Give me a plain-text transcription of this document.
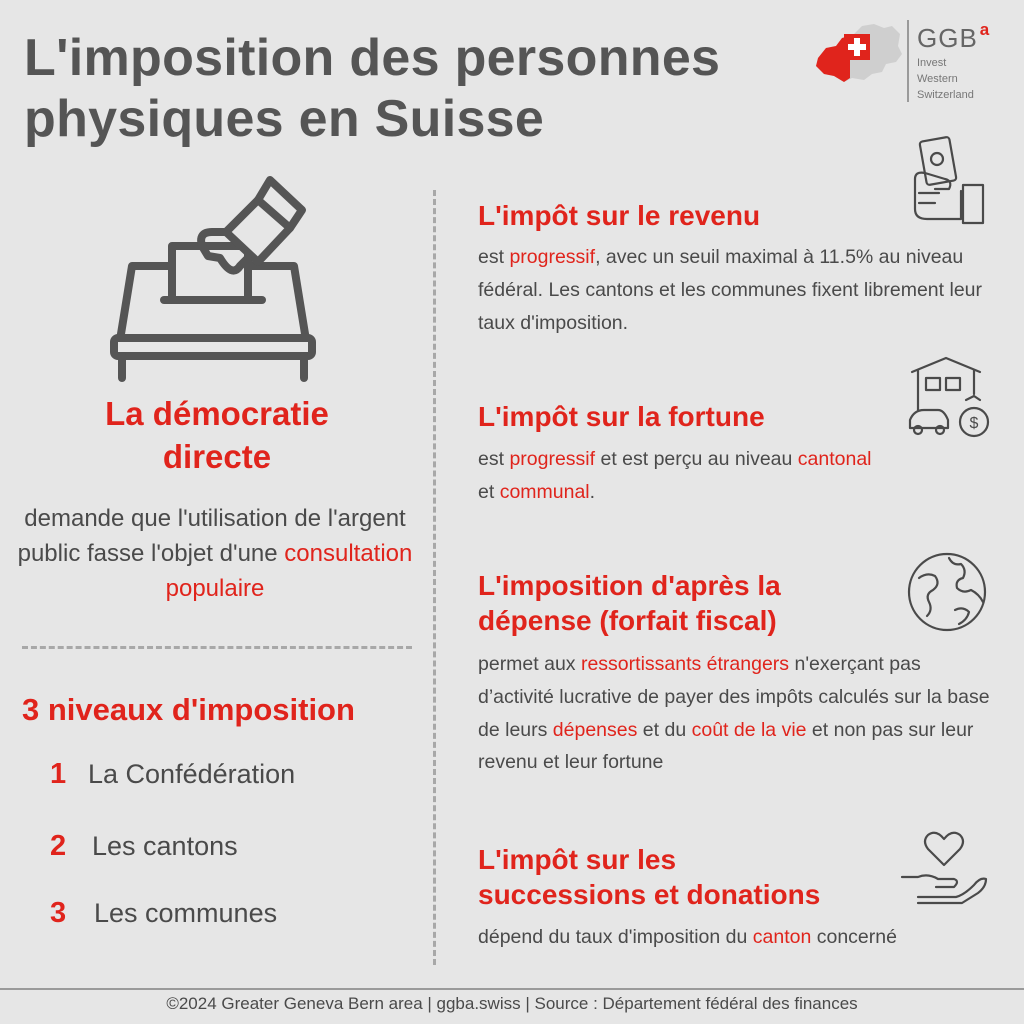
L'imposition des personnes physiques en Suisse
GGB $^a$
Invest
Western
Switzerland
La démocratie
directe
demande que l'utilisation de l'argent public fasse l'objet d'une consultation populaire
3 niveaux d'imposition
1 La Confédération
2 Les cantons
3	Les communes
L'impôt sur le revenu
est progressif, avec un seuil maximal à 11.5% au niveau fédéral. Les cantons et les communes fixent librement leur taux d'imposition.
$
L'impôt sur la fortune
est progressif et est perçu au niveau cantonal
et communal.
L'imposition d'après la
dépense (forfait fiscal)
permet aux ressortissants étrangers n'exerçant pas d’activité lucrative de payer des impôts calculés sur la base de leurs dépenses et du coût de la vie et non pas sur leur revenu et leur fortune
L'impôt sur les
successions et donations
dépend du taux d'imposition du canton concerné
©2024 Greater Geneva Bern area | ggba.swiss | Source : Département fédéral des finances
